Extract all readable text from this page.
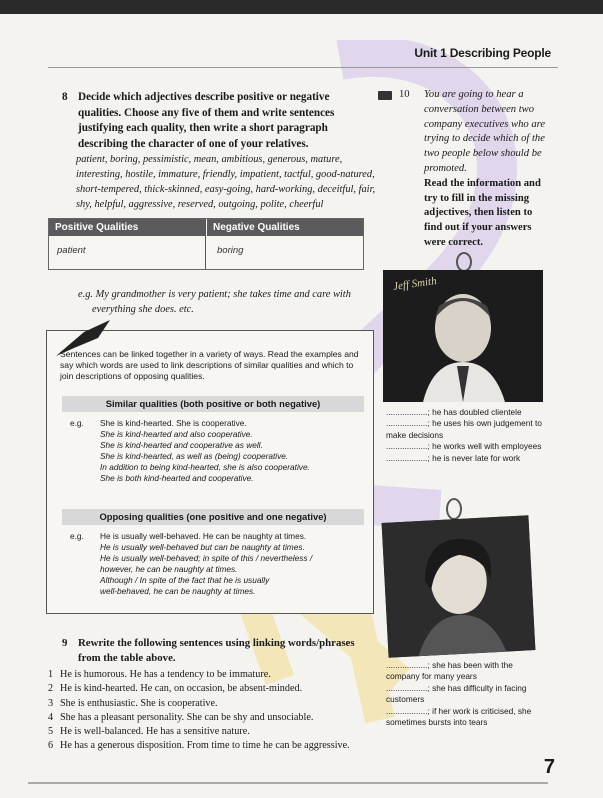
Unit 1 Describing People
8 Decide which adjectives describe positive or negative qualities. Choose any five of them and write sentences justifying each quality, then write a short paragraph describing the character of one of your relatives.
patient, boring, pessimistic, mean, ambitious, generous, mature, interesting, hostile, immature, friendly, impatient, tactful, good-natured, short-tempered, thick-skinned, easy-going, hard-working, deceitful, fair, shy, helpful, aggressive, reserved, outgoing, polite, cheerful
Positive Qualities	Negative Qualities
patient	boring
e.g. My grandmother is very patient; she takes time and care with
everything she does. etc.
Sentences can be linked together in a variety of ways. Read the examples and say which words are used to link descriptions of similar qualities and which to join descriptions of opposing qualities.
Similar qualities (both positive or both negative)
e.g. She is kind-hearted. She is cooperative.
She is kind-hearted and also cooperative.
She is kind-hearted and cooperative as well.
She is kind-hearted, as well as (being) cooperative.
In addition to being kind-hearted, she is also cooperative.
She is both kind-hearted and cooperative.
Opposing qualities (one positive and one negative)
e.g. He is usually well-behaved. He can be naughty at times.
He is usually well-behaved but can be naughty at times.
He is usually well-behaved; in spite of this / nevertheless /
however, he can be naughty at times.
Although / In spite of the fact that he is usually
well-behaved, he can be naughty at times.
9 Rewrite the following sentences using linking words/phrases from the table above.
1 He is humorous. He has a tendency to be immature.
2 He is kind-hearted. He can, on occasion, be absent-minded.
3 She is enthusiastic. She is cooperative.
4 She has a pleasant personality. She can be shy and unsociable.
5 He is well-balanced. He has a sensitive nature.
6 He has a generous disposition. From time to time he can be aggressive.
10 You are going to hear a conversation between two company executives who are trying to decide which of the two people below should be promoted.
Read the information and try to fill in the missing adjectives, then listen to find out if your answers were correct.
Jeff Smith
..................; he has doubled clientele
..................; he uses his own judgement to make decisions
..................; he works well with employees
..................; he is never late for work
..................; she has been with the company for many years
..................; she has difficulty in facing customers
..................; if her work is criticised, she sometimes bursts into tears
7
